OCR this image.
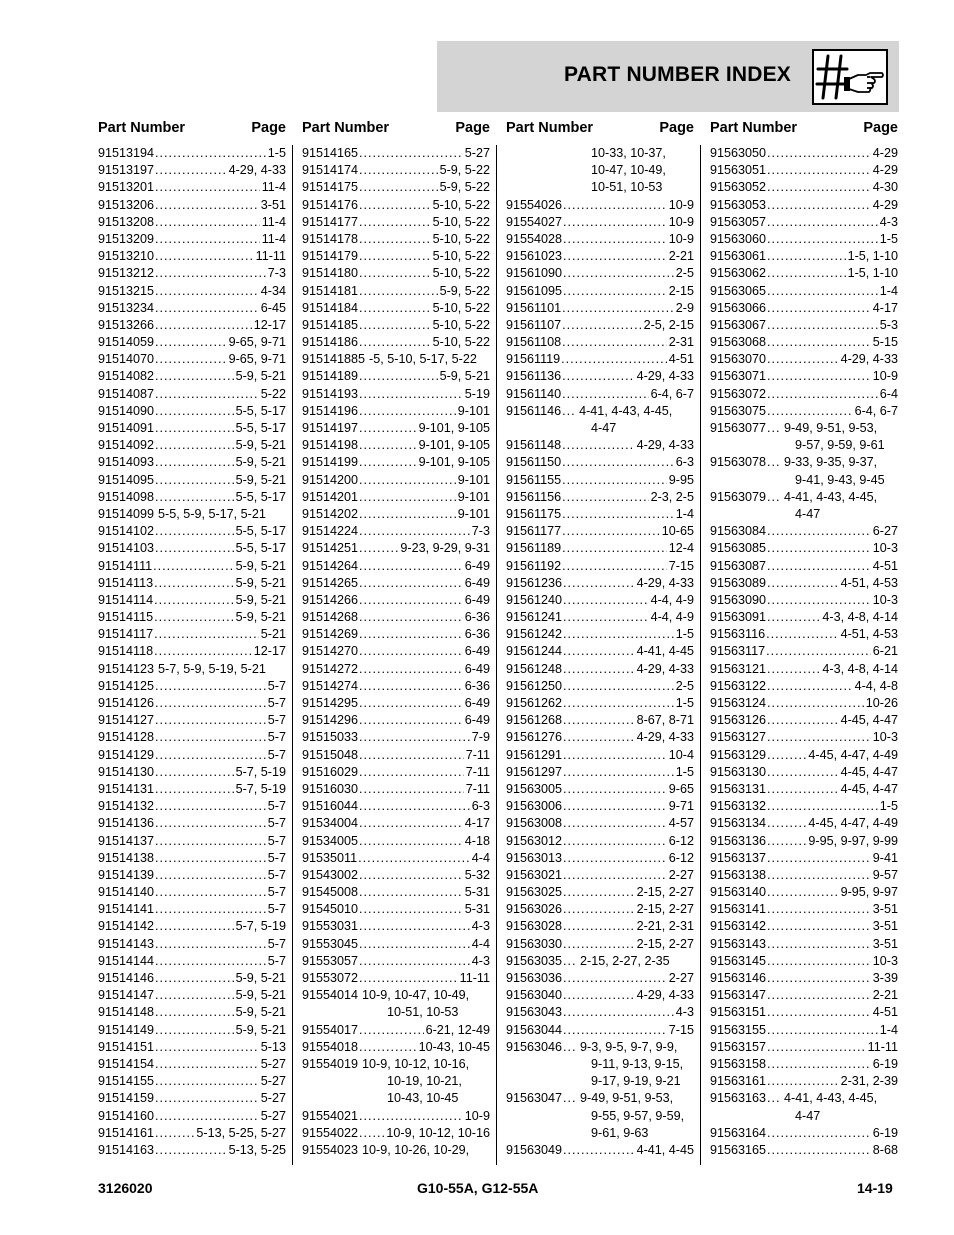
PART NUMBER INDEX
Part Number	Page
91513194 .....	1-5
91513197 .....	4-29, 4-33
91513201 .....	11-4
91513206 .....	3-51
91513208 .....	11-4
91513209 .....	11-4
91513210 .....	11-11
91513212 .....	7-3
91513215 .....	4-34
91513234 .....	6-45
91513266 .....	12-17
91514059 .....	9-65, 9-71
91514070 .....	9-65, 9-71
91514082 .....	5-9, 5-21
91514087 .....	5-22
91514090 .....	5-5, 5-17
91514091 .....	5-5, 5-17
91514092 .....	5-9, 5-21
91514093 .....	5-9, 5-21
91514095 .....	5-9, 5-21
91514098 .....	5-5, 5-17
91514099 5-5, 5-9, 5-17, 5-21
91514102 .....	5-5, 5-17
91514103 .....	5-5, 5-17
91514111 .....	5-9, 5-21
91514113 .....	5-9, 5-21
91514114 .....	5-9, 5-21
91514115 .....	5-9, 5-21
91514117 .....	5-21
91514118 .....	12-17
91514123 5-7, 5-9, 5-19, 5-21
91514125 .....	5-7
91514126 .....	5-7
91514127 .....	5-7
91514128 .....	5-7
91514129 .....	5-7
91514130 .....	5-7, 5-19
91514131 .....	5-7, 5-19
91514132 .....	5-7
91514136 .....	5-7
91514137 .....	5-7
91514138 .....	5-7
91514139 .....	5-7
91514140 .....	5-7
91514141 .....	5-7
91514142 .....	5-7, 5-19
91514143 .....	5-7
91514144 .....	5-7
91514146 .....	5-9, 5-21
91514147 .....	5-9, 5-21
91514148 .....	5-9, 5-21
91514149 .....	5-9, 5-21
91514151 .....	5-13
91514154 .....	5-27
91514155 .....	5-27
91514159 .....	5-27
91514160 .....	5-27
91514161 .....	5-13, 5-25, 5-27
91514163 .....	5-13, 5-25
Part Number	Page
91514165 .....	5-27
91514174 .....	5-9, 5-22
91514175 .....	5-9, 5-22
91514176 .....	5-10, 5-22
91514177 .....	5-10, 5-22
91514178 .....	5-10, 5-22
91514179 .....	5-10, 5-22
91514180 .....	5-10, 5-22
91514181 .....	5-9, 5-22
91514184 .....	5-10, 5-22
91514185 .....	5-10, 5-22
91514186 .....	5-10, 5-22
915141885 -5, 5-10, 5-17, 5-22
91514189 .....	5-9, 5-21
91514193 .....	5-19
91514196 .....	9-101
91514197 .....	9-101, 9-105
91514198 .....	9-101, 9-105
91514199 .....	9-101, 9-105
91514200 .....	9-101
91514201 .....	9-101
91514202 .....	9-101
91514224 .....	7-3
91514251 .....	9-23, 9-29, 9-31
91514264 .....	6-49
91514265 .....	6-49
91514266 .....	6-49
91514268 .....	6-36
91514269 .....	6-36
91514270 .....	6-49
91514272 .....	6-49
91514274 .....	6-36
91514295 .....	6-49
91514296 .....	6-49
91515033 .....	7-9
91515048 .....	7-11
91516029 .....	7-11
91516030 .....	7-11
91516044 .....	6-3
91534004 .....	4-17
91534005 .....	4-18
91535011 .....	4-4
91543002 .....	5-32
91545008 .....	5-31
91545010 .....	5-31
91553031 .....	4-3
91553045 .....	4-4
91553057 .....	4-3
91553072 .....	11-11
91554014 10-9, 10-47, 10-49,
10-51, 10-53
91554017 .....	6-21, 12-49
91554018 .....	10-43, 10-45
91554019 10-9, 10-12, 10-16,
10-19, 10-21,
10-43, 10-45
91554021 .....	10-9
91554022 ..... 10-9, 10-12, 10-16
91554023 10-9, 10-26, 10-29,
Part Number	Page
10-33, 10-37,
10-47, 10-49,
10-51, 10-53
91554026 .....	10-9
91554027 .....	10-9
91554028 .....	10-9
91561023 .....	2-21
91561090 .....	2-5
91561095 .....	2-15
91561101 .....	2-9
91561107 .....	2-5, 2-15
91561108 .....	2-31
91561119 .....	4-51
91561136 .....	4-29, 4-33
91561140 .....	6-4, 6-7
91561146 ..... 4-41, 4-43, 4-45,
4-47
91561148 .....	4-29, 4-33
91561150 .....	6-3
91561155 .....	9-95
91561156 .....	2-3, 2-5
91561175 .....	1-4
91561177 .....	10-65
91561189 .....	12-4
91561192 .....	7-15
91561236 .....	4-29, 4-33
91561240 .....	4-4, 4-9
91561241 .....	4-4, 4-9
91561242 .....	1-5
91561244 .....	4-41, 4-45
91561248 .....	4-29, 4-33
91561250 .....	2-5
91561262 .....	1-5
91561268 .....	8-67, 8-71
91561276 .....	4-29, 4-33
91561291 .....	10-4
91561297 .....	1-5
91563005 .....	9-65
91563006 .....	9-71
91563008 .....	4-57
91563012 .....	6-12
91563013 .....	6-12
91563021 .....	2-27
91563025 .....	2-15, 2-27
91563026 .....	2-15, 2-27
91563028 .....	2-21, 2-31
91563030 .....	2-15, 2-27
91563035 ..... 2-15, 2-27, 2-35
91563036 .....	2-27
91563040 .....	4-29, 4-33
91563043 .....	4-3
91563044 .....	7-15
91563046 ..... 9-3, 9-5, 9-7, 9-9,
9-11, 9-13, 9-15,
9-17, 9-19, 9-21
91563047 ..... 9-49, 9-51, 9-53,
9-55, 9-57, 9-59,
9-61, 9-63
91563049 .....	4-41, 4-45
Part Number	Page
91563050 .....	4-29
91563051 .....	4-29
91563052 .....	4-30
91563053 .....	4-29
91563057 .....	4-3
91563060 .....	1-5
91563061 .....	1-5, 1-10
91563062 .....	1-5, 1-10
91563065 .....	1-4
91563066 .....	4-17
91563067 .....	5-3
91563068 .....	5-15
91563070 .....	4-29, 4-33
91563071 .....	10-9
91563072 .....	6-4
91563075 .....	6-4, 6-7
91563077 ..... 9-49, 9-51, 9-53,
9-57, 9-59, 9-61
91563078 ..... 9-33, 9-35, 9-37,
9-41, 9-43, 9-45
91563079 ..... 4-41, 4-43, 4-45,
4-47
91563084 .....	6-27
91563085 .....	10-3
91563087 .....	4-51
91563089 .....	4-51, 4-53
91563090 .....	10-3
91563091 .....	4-3, 4-8, 4-14
91563116 .....	4-51, 4-53
91563117 .....	6-21
91563121 .....	4-3, 4-8, 4-14
91563122 .....	4-4, 4-8
91563124 .....	10-26
91563126 .....	4-45, 4-47
91563127 .....	10-3
91563129 .....	4-45, 4-47, 4-49
91563130 .....	4-45, 4-47
91563131 .....	4-45, 4-47
91563132 .....	1-5
91563134 .....	4-45, 4-47, 4-49
91563136 .....	9-95, 9-97, 9-99
91563137 .....	9-41
91563138 .....	9-57
91563140 .....	9-95, 9-97
91563141 .....	3-51
91563142 .....	3-51
91563143 .....	3-51
91563145 .....	10-3
91563146 .....	3-39
91563147 .....	2-21
91563151 .....	4-51
91563155 .....	1-4
91563157 .....	11-11
91563158 .....	6-19
91563161 .....	2-31, 2-39
91563163 ..... 4-41, 4-43, 4-45,
4-47
91563164 .....	6-19
91563165 .....	8-68
3126020	G10-55A, G12-55A	14-19
